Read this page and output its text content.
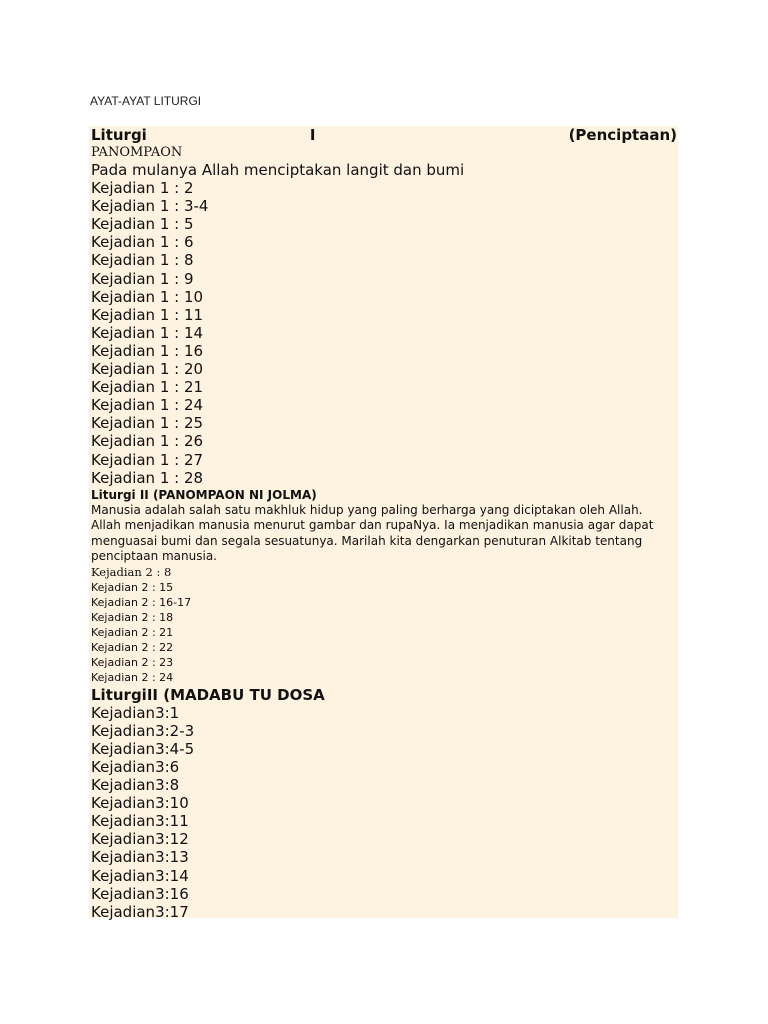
AYAT-AYAT LITURGI
Liturgi	I	(Penciptaan)
PANOMPAON
Pada mulanya Allah menciptakan langit dan bumi
Kejadian 1 : 2
Kejadian 1 : 3-4
Kejadian 1 : 5
Kejadian 1 : 6
Kejadian 1 : 8
Kejadian 1 : 9
Kejadian 1 : 10
Kejadian 1 : 11
Kejadian 1 : 14
Kejadian 1 : 16
Kejadian 1 : 20
Kejadian 1 : 21
Kejadian 1 : 24
Kejadian 1 : 25
Kejadian 1 : 26
Kejadian 1 : 27
Kejadian 1 : 28
Liturgi II (PANOMPAON NI JOLMA)
Manusia adalah salah satu makhluk hidup yang paling berharga yang diciptakan oleh Allah. Allah menjadikan manusia menurut gambar dan rupaNya. Ia menjadikan manusia agar dapat menguasai bumi dan segala sesuatunya. Marilah kita dengarkan penuturan Alkitab tentang penciptaan manusia.
Kejadian 2 : 8
Kejadian 2 : 15
Kejadian 2 : 16-17
Kejadian 2 : 18
Kejadian 2 : 21
Kejadian 2 : 22
Kejadian 2 : 23
Kejadian 2 : 24
LiturgiII (MADABU TU DOSA
Kejadian3:1
Kejadian3:2-3
Kejadian3:4-5
Kejadian3:6
Kejadian3:8
Kejadian3:10
Kejadian3:11
Kejadian3:12
Kejadian3:13
Kejadian3:14
Kejadian3:16
Kejadian3:17
